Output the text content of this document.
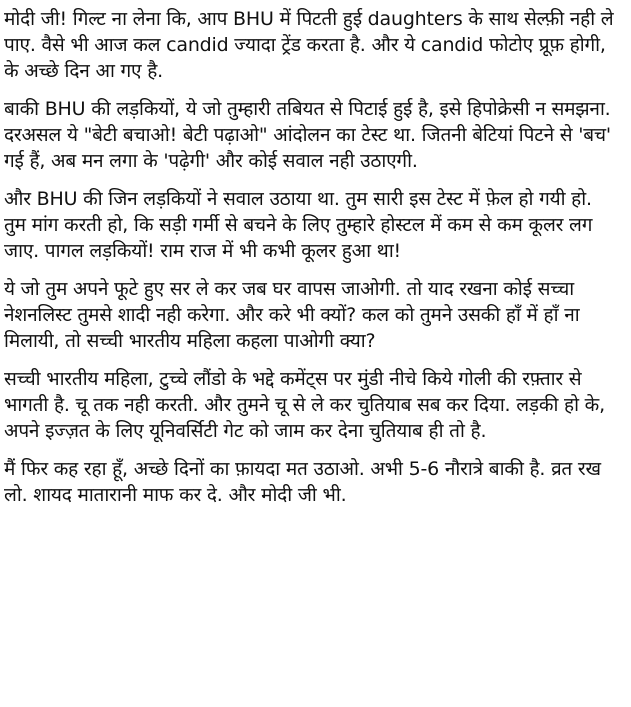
मोदी जी! गिल्ट ना लेना कि, आप BHU में पिटती हुई daughters के साथ सेल्फ़ी नही ले पाए. वैसे भी आज कल candid ज्यादा ट्रेंड करता है. और ये candid फोटोए प्रूफ़ होगी, के अच्छे दिन आ गए है.

बाकी BHU की लड़कियों, ये जो तुम्हारी तबियत से पिटाई हुई है, इसे हिपोक्रेसी न समझना. दरअसल ये "बेटी बचाओ! बेटी पढ़ाओ" आंदोलन का टेस्ट था. जितनी बेटियां पिटने से 'बच' गई हैं, अब मन लगा के 'पढ़ेगी' और कोई सवाल नही उठाएगी.

और BHU की जिन लड़कियों ने सवाल उठाया था. तुम सारी इस टेस्ट में फ़ेल हो गयी हो. तुम मांग करती हो, कि सड़ी गर्मी से बचने के लिए तुम्हारे होस्टल में कम से कम कूलर लग जाए. पागल लड़कियों! राम राज में भी कभी कूलर हुआ था!

ये जो तुम अपने फूटे हुए सर ले कर जब घर वापस जाओगी. तो याद रखना कोई सच्चा नेशनलिस्ट तुमसे शादी नही करेगा. और करे भी क्यों? कल को तुमने उसकी हाँ में हाँ ना मिलायी, तो सच्ची भारतीय महिला कहला पाओगी क्या?

सच्ची भारतीय महिला, टुच्चे लौंडो के भद्दे कमेंट्स पर मुंडी नीचे किये गोली की रफ़्तार से भागती है. चू तक नही करती. और तुमने चू से ले कर चुतियाब सब कर दिया. लड़की हो के, अपने इज्ज़त के लिए यूनिवर्सिटी गेट को जाम कर देना चुतियाब ही तो है.

मैं फिर कह रहा हूँ, अच्छे दिनों का फ़ायदा मत उठाओ. अभी 5-6 नौरात्रे बाकी है. व्रत रख लो. शायद मातारानी माफ कर दे. और मोदी जी भी.
